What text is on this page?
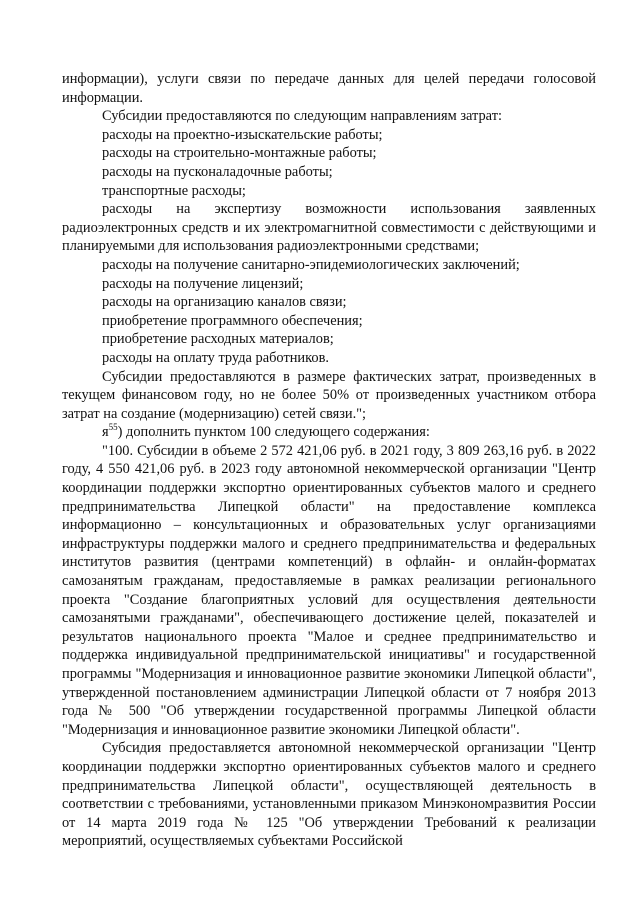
информации), услуги связи по передаче данных для целей передачи голосовой информации.

Субсидии предоставляются по следующим направлениям затрат:

расходы на проектно-изыскательские работы;

расходы на строительно-монтажные работы;

расходы на пусконаладочные работы;

транспортные расходы;

расходы на экспертизу возможности использования заявленных радиоэлектронных средств и их электромагнитной совместимости с действующими и планируемыми для использования радиоэлектронными средствами;

расходы на получение санитарно-эпидемиологических заключений;

расходы на получение лицензий;

расходы на организацию каналов связи;

приобретение программного обеспечения;

приобретение расходных материалов;

расходы на оплату труда работников.

Субсидии предоставляются в размере фактических затрат, произведенных в текущем финансовом году, но не более 50% от произведенных участником отбора затрат на создание (модернизацию) сетей связи.";

$я^{55}$) дополнить пунктом 100 следующего содержания:

"100. Субсидии в объеме 2 572 421,06 руб. в 2021 году, 3 809 263,16 руб. в 2022 году, 4 550 421,06 руб. в 2023 году автономной некоммерческой организации "Центр координации поддержки экспортно ориентированных субъектов малого и среднего предпринимательства Липецкой области" на предоставление комплекса информационно – консультационных и образовательных услуг организациями инфраструктуры поддержки малого и среднего предпринимательства и федеральных институтов развития (центрами компетенций) в офлайн- и онлайн-форматах самозанятым гражданам, предоставляемые в рамках реализации регионального проекта "Создание благоприятных условий для осуществления деятельности самозанятыми гражданами", обеспечивающего достижение целей, показателей и результатов национального проекта "Малое и среднее предпринимательство и поддержка индивидуальной предпринимательской инициативы" и государственной программы "Модернизация и инновационное развитие экономики Липецкой области", утвержденной постановлением администрации Липецкой области от 7 ноября 2013 года № 500 "Об утверждении государственной программы Липецкой области "Модернизация и инновационное развитие экономики Липецкой области".

Субсидия предоставляется автономной некоммерческой организации "Центр координации поддержки экспортно ориентированных субъектов малого и среднего предпринимательства Липецкой области", осуществляющей деятельность в соответствии с требованиями, установленными приказом Минэкономразвития России от 14 марта 2019 года № 125 "Об утверждении Требований к реализации мероприятий, осуществляемых субъектами Российской
